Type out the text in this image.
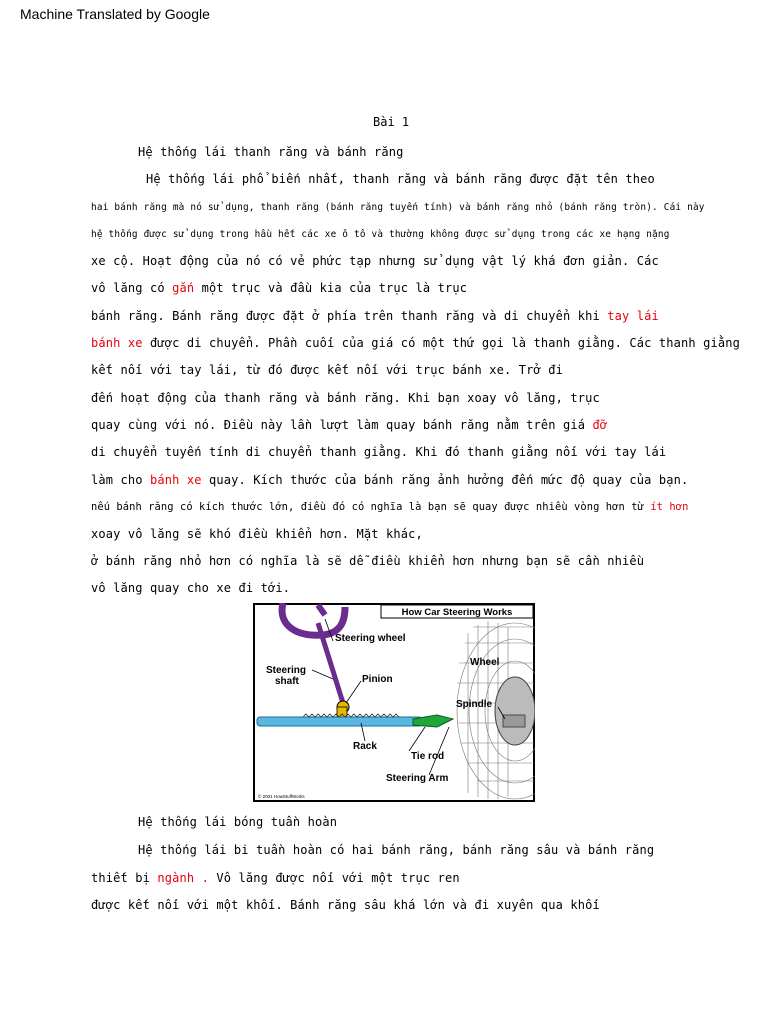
Machine Translated by Google
Bài 1
Hệ thống lái thanh răng và bánh răng
Hệ thống lái phổ biến nhất, thanh răng và bánh răng được đặt tên theo
hai bánh răng mà nó sử dụng, thanh răng (bánh răng tuyến tính) và bánh răng nhỏ (bánh răng tròn). Cái này
hệ thống được sử dụng trong hầu hết các xe ô tô và thường không được sử dụng trong các xe hạng nặng
xe cộ. Hoạt động của nó có vẻ phức tạp nhưng sử dụng vật lý khá đơn giản. Các
vô lăng có gắn một trục và đầu kia của trục là trục
bánh răng. Bánh răng được đặt ở phía trên thanh răng và di chuyển khi tay lái
bánh xe được di chuyển. Phần cuối của giá có một thứ gọi là thanh giằng. Các thanh giằng
kết nối với tay lái, từ đó được kết nối với trục bánh xe. Trở đi
đến hoạt động của thanh răng và bánh răng. Khi bạn xoay vô lăng, trục
quay cùng với nó. Điều này lần lượt làm quay bánh răng nằm trên giá đỡ
di chuyển tuyến tính di chuyển thanh giằng. Khi đó thanh giằng nối với tay lái
làm cho bánh xe quay. Kích thước của bánh răng ảnh hưởng đến mức độ quay của bạn.
nếu bánh răng có kích thước lớn, điều đó có nghĩa là bạn sẽ quay được nhiều vòng hơn từ ít hơn
xoay vô lăng sẽ khó điều khiển hơn. Mặt khác,
ở bánh răng nhỏ hơn có nghĩa là sẽ dễ điều khiển hơn nhưng bạn sẽ cần nhiều
vô lăng quay cho xe đi tới.
How Car Steering Works
Steering wheel
Steering
shaft	Pinion
Wheel
Spindle
Rack
Tie rod
Steering Arm
© 2001 HowStuffWorks
Hệ thống lái bóng tuần hoàn
Hệ thống lái bi tuần hoàn có hai bánh răng, bánh răng sâu và bánh răng
thiết bị ngành . Vô lăng được nối với một trục ren
được kết nối với một khối. Bánh răng sâu khá lớn và đi xuyên qua khối
